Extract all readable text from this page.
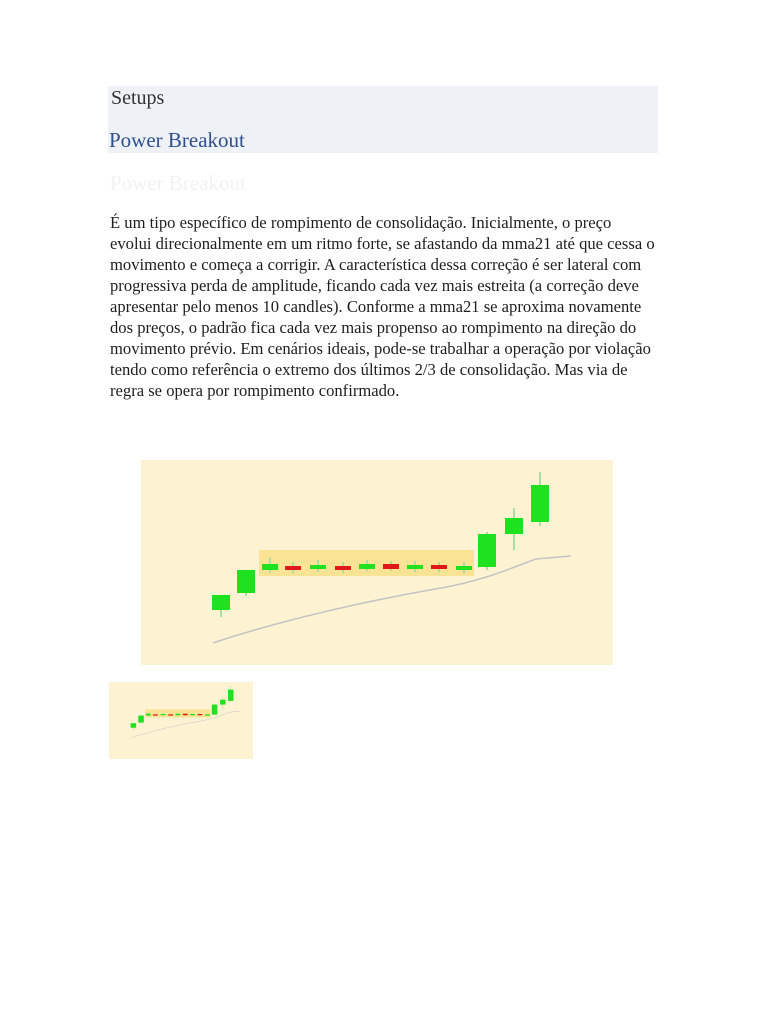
Setups
Power Breakout
Power Breakout
É um tipo específico de rompimento de consolidação. Inicialmente, o preço evolui direcionalmente em um ritmo forte, se afastando da mma21 até que cessa o movimento e começa a corrigir. A característica dessa correção é ser lateral com progressiva perda de amplitude, ficando cada vez mais estreita (a correção deve apresentar pelo menos 10 candles). Conforme a mma21 se aproxima novamente dos preços, o padrão fica cada vez mais propenso ao rompimento na direção do movimento prévio. Em cenários ideais, pode-se trabalhar a operação por violação tendo como referência o extremo dos últimos 2/3 de consolidação. Mas via de regra se opera por rompimento confirmado.
